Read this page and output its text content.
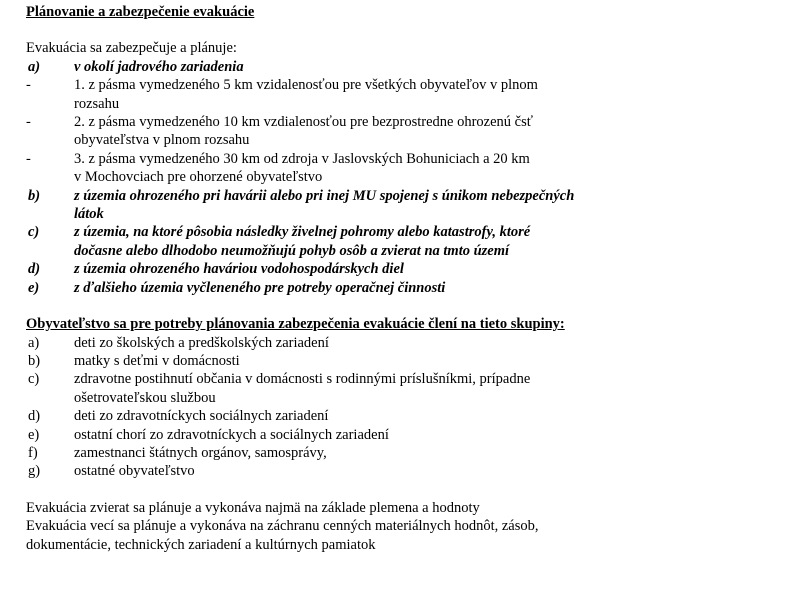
Plánovanie a zabezpečenie evakuácie
Evakuácia sa zabezpečuje a plánuje:
a)	v okolí jadrového zariadenia
-	1. z pásma vymedzeného 5 km vzidalenosťou pre všetkých obyvateľov v plnom
rozsahu
-	2. z pásma vymedzeného 10 km vzdialenosťou pre bezprostredne ohrozenú čsť
obyvateľstva v plnom rozsahu
-	3. z pásma vymedzeného 30 km od zdroja v Jaslovských Bohuniciach a 20 km
v Mochovciach pre ohorzené obyvateľstvo
b)	z územia ohrozeného pri havárii alebo pri inej MU spojenej s únikom nebezpečných
látok
c)	z územia, na ktoré pôsobia následky živelnej pohromy alebo katastrofy, ktoré
dočasne alebo dlhodobo neumožňujú pohyb osôb a zvierat na tmto území
d)	z územia ohrozeného haváriou vodohospodárskych diel
e)	z ďalšieho územia vyčleneného pre potreby operačnej činnosti
Obyvateľstvo sa pre potreby plánovania zabezpečenia evakuácie člení na tieto skupiny:
a)	deti zo školských a predškolských zariadení
b)	matky s deťmi v domácnosti
c)	zdravotne postihnutí občania v domácnosti s rodinnými príslušníkmi, prípadne
ošetrovateľskou službou
d)	deti zo zdravotníckych sociálnych zariadení
e)	ostatní chorí zo zdravotníckych a sociálnych zariadení
f)	zamestnanci štátnych orgánov, samosprávy,
g)	ostatné obyvateľstvo
Evakuácia zvierat sa plánuje a vykonáva najmä na základe plemena a hodnoty
Evakuácia vecí sa plánuje a vykonáva na záchranu cenných materiálnych hodnôt, zásob,
dokumentácie, technických zariadení a kultúrnych pamiatok
